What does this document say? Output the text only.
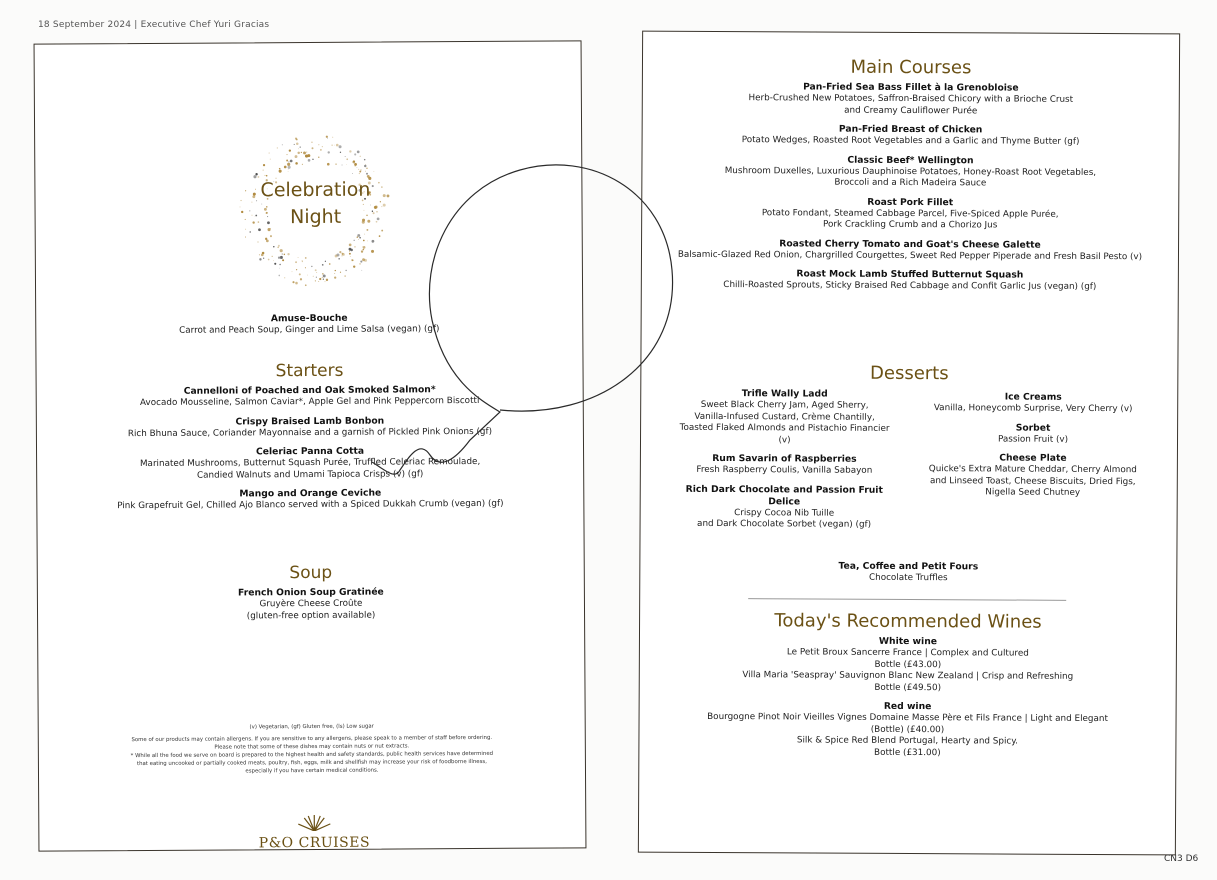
18 September 2024 | Executive Chef Yuri Gracias
Celebration
Night
Amuse-Bouche
Carrot and Peach Soup, Ginger and Lime Salsa (vegan) (gf)
Starters
Cannelloni of Poached and Oak Smoked Salmon*
Avocado Mousseline, Salmon Caviar*, Apple Gel and Pink Peppercorn Biscotti
Crispy Braised Lamb Bonbon
Rich Bhuna Sauce, Coriander Mayonnaise and a garnish of Pickled Pink Onions (gf)
Celeriac Panna Cotta
Marinated Mushrooms, Butternut Squash Purée, Truffled Celeriac Remoulade,
Candied Walnuts and Umami Tapioca Crisps (v) (gf)
Mango and Orange Ceviche
Pink Grapefruit Gel, Chilled Ajo Blanco served with a Spiced Dukkah Crumb (vegan) (gf)
Soup
French Onion Soup Gratinée
Gruyère Cheese Croûte
(gluten-free option available)
(v) Vegetarian, (gf) Gluten free, (ls) Low sugar
Some of our products may contain allergens. If you are sensitive to any allergens, please speak to a member of staff before ordering.
Please note that some of these dishes may contain nuts or nut extracts.
* While all the food we serve on board is prepared to the highest health and safety standards, public health services have determined
that eating uncooked or partially cooked meats, poultry, fish, eggs, milk and shellfish may increase your risk of foodborne illness,
especially if you have certain medical conditions.
P&O CRUISES
Main Courses
Pan-Fried Sea Bass Fillet à la Grenobloise
Herb-Crushed New Potatoes, Saffron-Braised Chicory with a Brioche Crust
and Creamy Cauliflower Purée
Pan-Fried Breast of Chicken
Potato Wedges, Roasted Root Vegetables and a Garlic and Thyme Butter (gf)
Classic Beef* Wellington
Mushroom Duxelles, Luxurious Dauphinoise Potatoes, Honey-Roast Root Vegetables,
Broccoli and a Rich Madeira Sauce
Roast Pork Fillet
Potato Fondant, Steamed Cabbage Parcel, Five-Spiced Apple Purée,
Pork Crackling Crumb and a Chorizo Jus
Roasted Cherry Tomato and Goat's Cheese Galette
Balsamic-Glazed Red Onion, Chargrilled Courgettes, Sweet Red Pepper Piperade and Fresh Basil Pesto (v)
Roast Mock Lamb Stuffed Butternut Squash
Chilli-Roasted Sprouts, Sticky Braised Red Cabbage and Confit Garlic Jus (vegan) (gf)
Desserts
Trifle Wally Ladd
Sweet Black Cherry Jam, Aged Sherry,
Vanilla-Infused Custard, Crème Chantilly,
Toasted Flaked Almonds and Pistachio Financier (v)
Rum Savarin of Raspberries
Fresh Raspberry Coulis, Vanilla Sabayon
Rich Dark Chocolate and Passion Fruit Delice
Crispy Cocoa Nib Tuille
and Dark Chocolate Sorbet (vegan) (gf)
Ice Creams
Vanilla, Honeycomb Surprise, Very Cherry (v)
Sorbet
Passion Fruit (v)
Cheese Plate
Quicke's Extra Mature Cheddar, Cherry Almond
and Linseed Toast, Cheese Biscuits, Dried Figs,
Nigella Seed Chutney
Tea, Coffee and Petit Fours
Chocolate Truffles
Today's Recommended Wines
White wine
Le Petit Broux Sancerre France | Complex and Cultured
Bottle (£43.00)
Villa Maria 'Seaspray' Sauvignon Blanc New Zealand | Crisp and Refreshing
Bottle (£49.50)
Red wine
Bourgogne Pinot Noir Vieilles Vignes Domaine Masse Père et Fils France | Light and Elegant
(Bottle) (£40.00)
Silk & Spice Red Blend Portugal, Hearty and Spicy.
Bottle (£31.00)
CN3 D6
